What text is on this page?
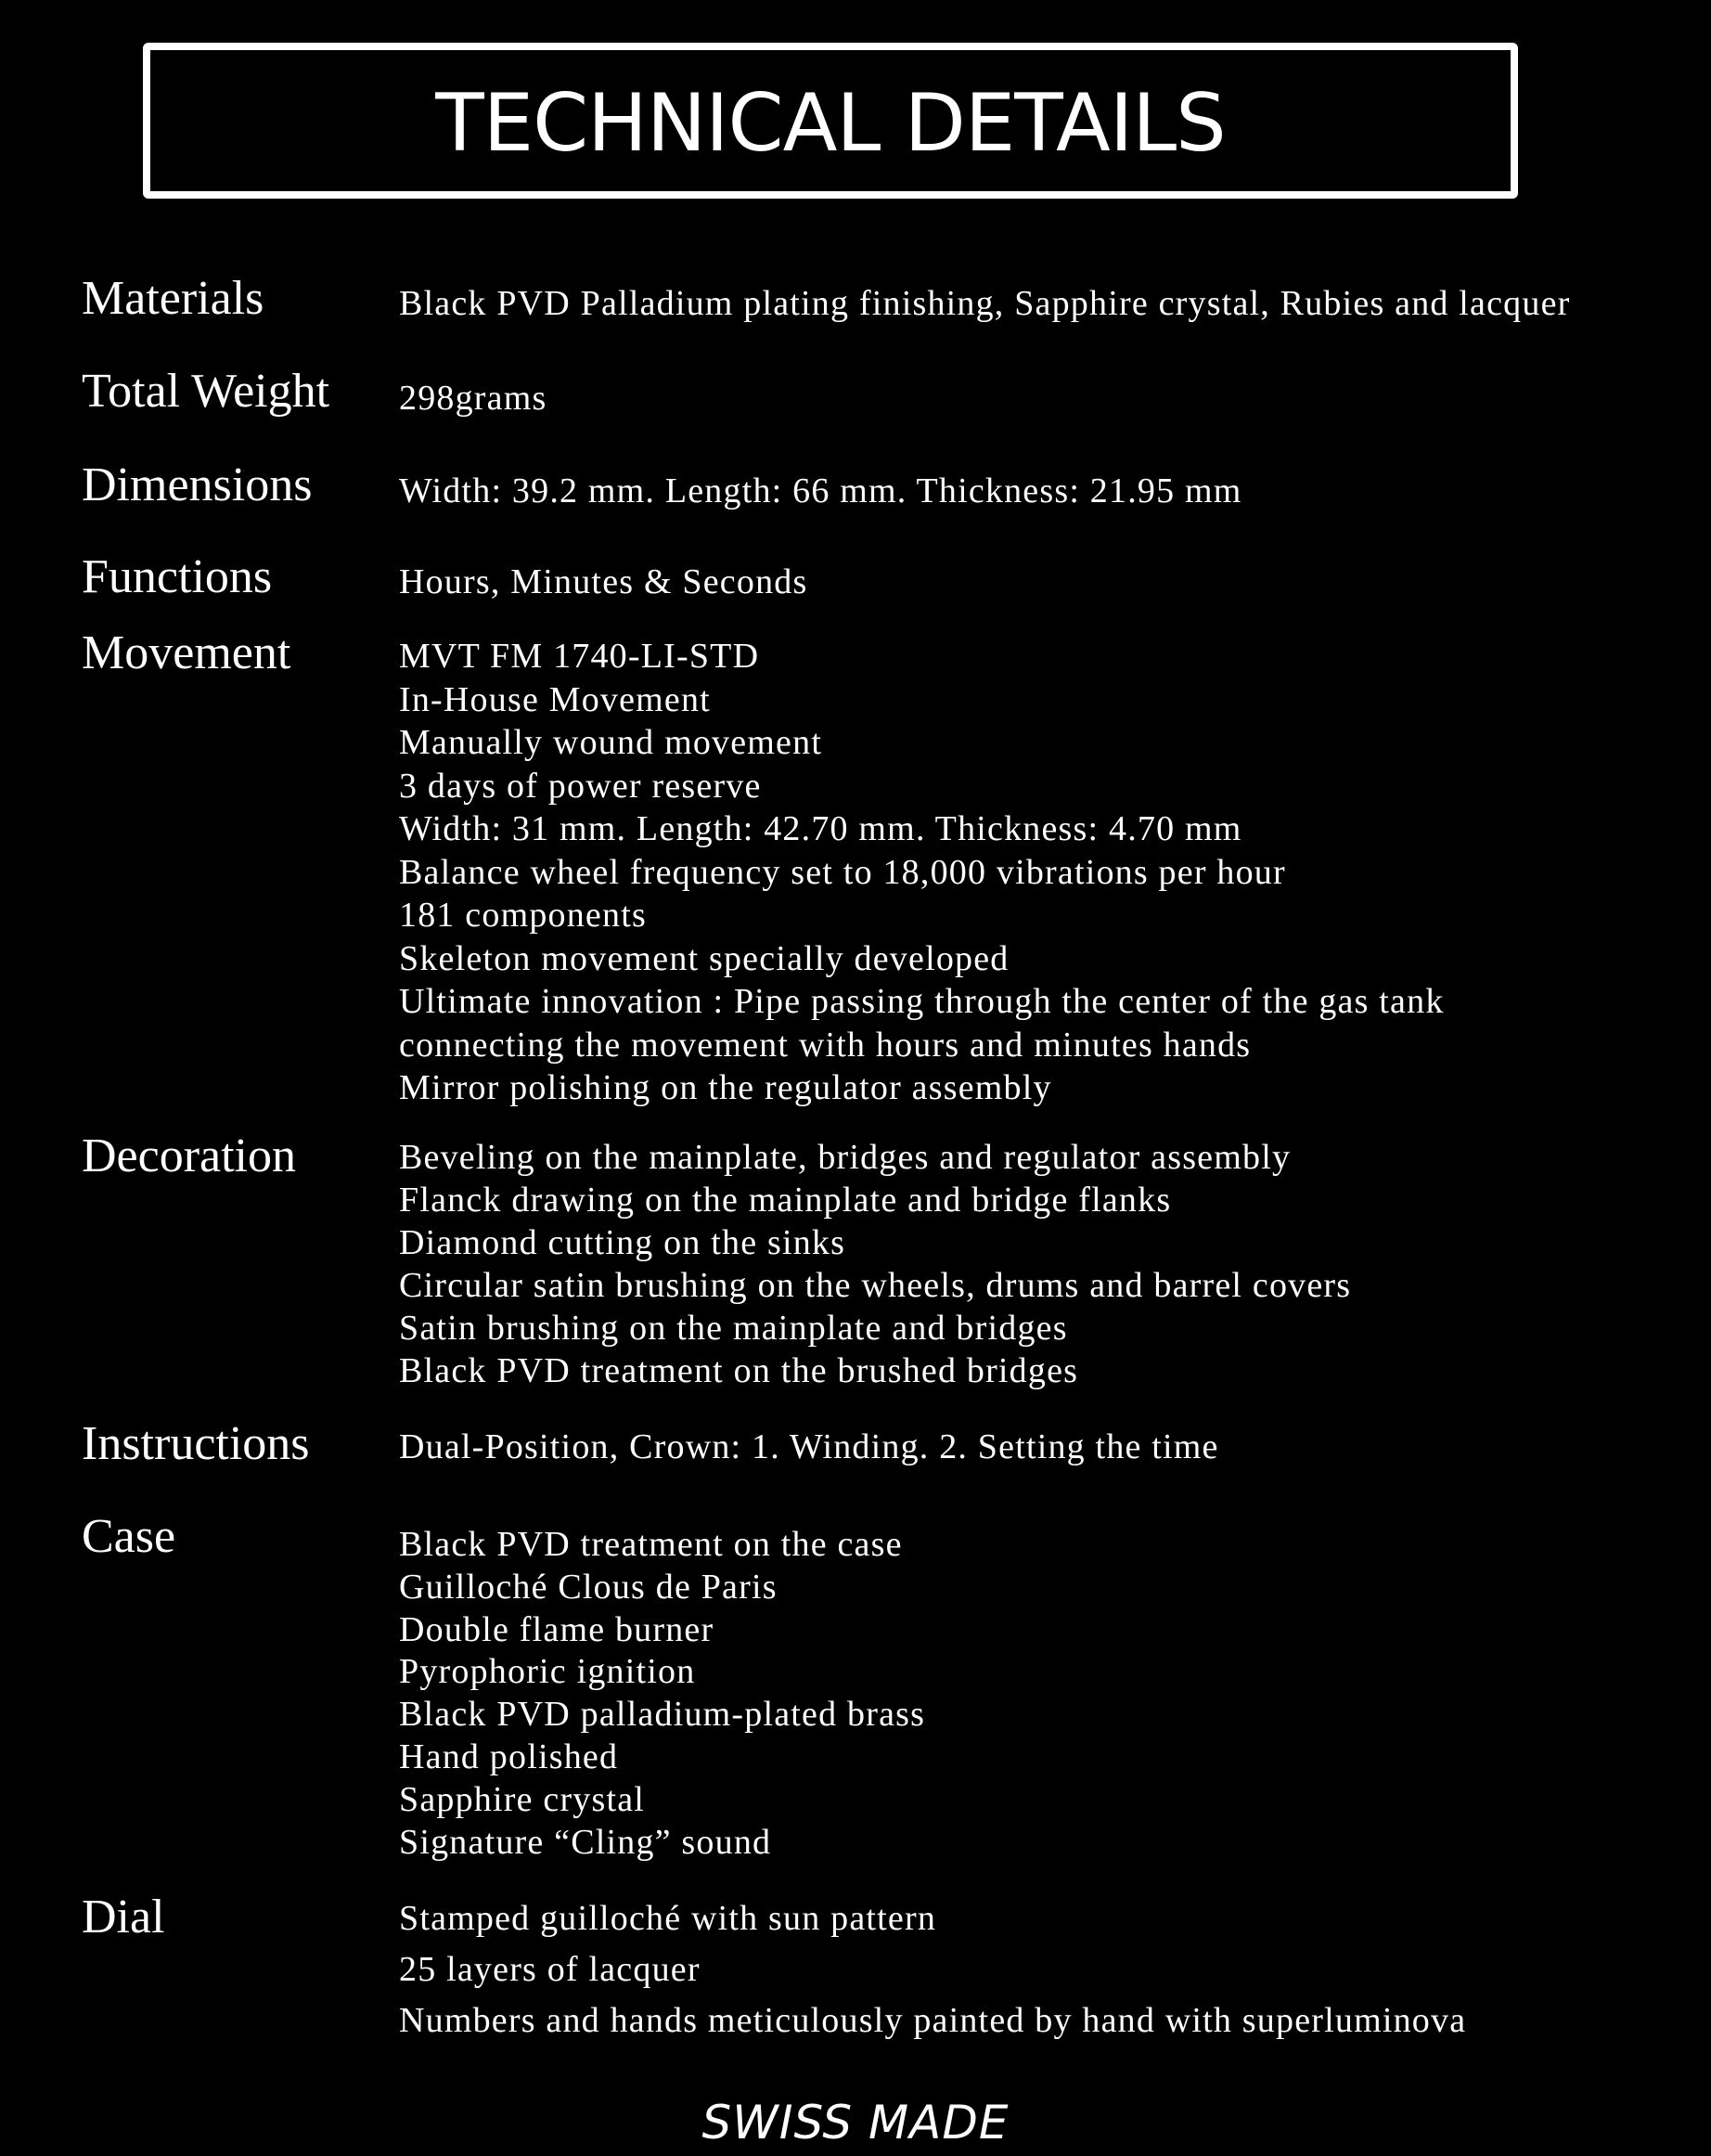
TECHNICAL DETAILS
Materials	Black PVD Palladium plating finishing, Sapphire crystal, Rubies and lacquer
Total Weight 298grams
Dimensions Width: 39.2 mm. Length: 66 mm. Thickness: 21.95 mm
Functions	Hours, Minutes & Seconds
Movement	MVT FM 1740-LI-STD
In-House Movement
Manually wound movement
3 days of power reserve
Width: 31 mm. Length: 42.70 mm. Thickness: 4.70 mm
Balance wheel frequency set to 18,000 vibrations per hour
181 components
Skeleton movement specially developed
Ultimate innovation : Pipe passing through the center of the gas tank
connecting the movement with hours and minutes hands
Mirror polishing on the regulator assembly
Decoration	Beveling on the mainplate, bridges and regulator assembly
Flanck drawing on the mainplate and bridge flanks
Diamond cutting on the sinks
Circular satin brushing on the wheels, drums and barrel covers
Satin brushing on the mainplate and bridges
Black PVD treatment on the brushed bridges
Instructions	Dual-Position, Crown: 1. Winding. 2. Setting the time
Case	Black PVD treatment on the case
Guilloché Clous de Paris
Double flame burner
Pyrophoric ignition
Black PVD palladium-plated brass
Hand polished
Sapphire crystal
Signature “Cling” sound
Dial	Stamped guilloché with sun pattern
25 layers of lacquer
Numbers and hands meticulously painted by hand with superluminova
SWISS MADE
